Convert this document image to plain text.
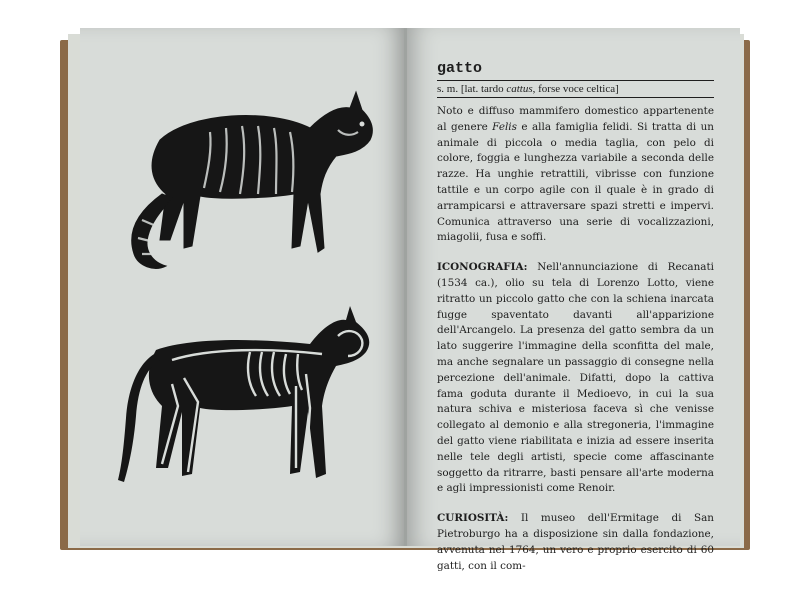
gatto
s. m. [lat. tardo cattus, forse voce celtica]

Noto e diffuso mammifero domestico appartenente al genere Felis e alla famiglia felidi. Si tratta di un animale di piccola o media taglia, con pelo di colore, foggia e lunghezza variabile a seconda delle razze. Ha unghie retrattili, vibrisse con funzione tattile e un corpo agile con il quale è in grado di arrampicarsi e attraversare spazi stretti e impervi. Comunica attraverso una serie di vocalizzazioni, miagolii, fusa e soffi.

ICONOGRAFIA: Nell'annunciazione di Recanati (1534 ca.), olio su tela di Lorenzo Lotto, viene ritratto un piccolo gatto che con la schiena inarcata fugge spaventato davanti all'apparizione dell'Arcangelo. La presenza del gatto sembra da un lato suggerire l'immagine della sconfitta del male, ma anche segnalare un passaggio di consegne nella percezione dell'animale. Difatti, dopo la cattiva fama goduta durante il Medioevo, in cui la sua natura schiva e misteriosa faceva sì che venisse collegato al demonio e alla stregoneria, l'immagine del gatto viene riabilitata e inizia ad essere inserita nelle tele degli artisti, specie come affascinante soggetto da ritrarre, basti pensare all'arte moderna e agli impressionisti come Renoir.

CURIOSITÀ: Il museo dell'Ermitage di San Pietroburgo ha a disposizione sin dalla fondazione, avvenuta nel 1764, un vero e proprio esercito di 60 gatti, con il com-
